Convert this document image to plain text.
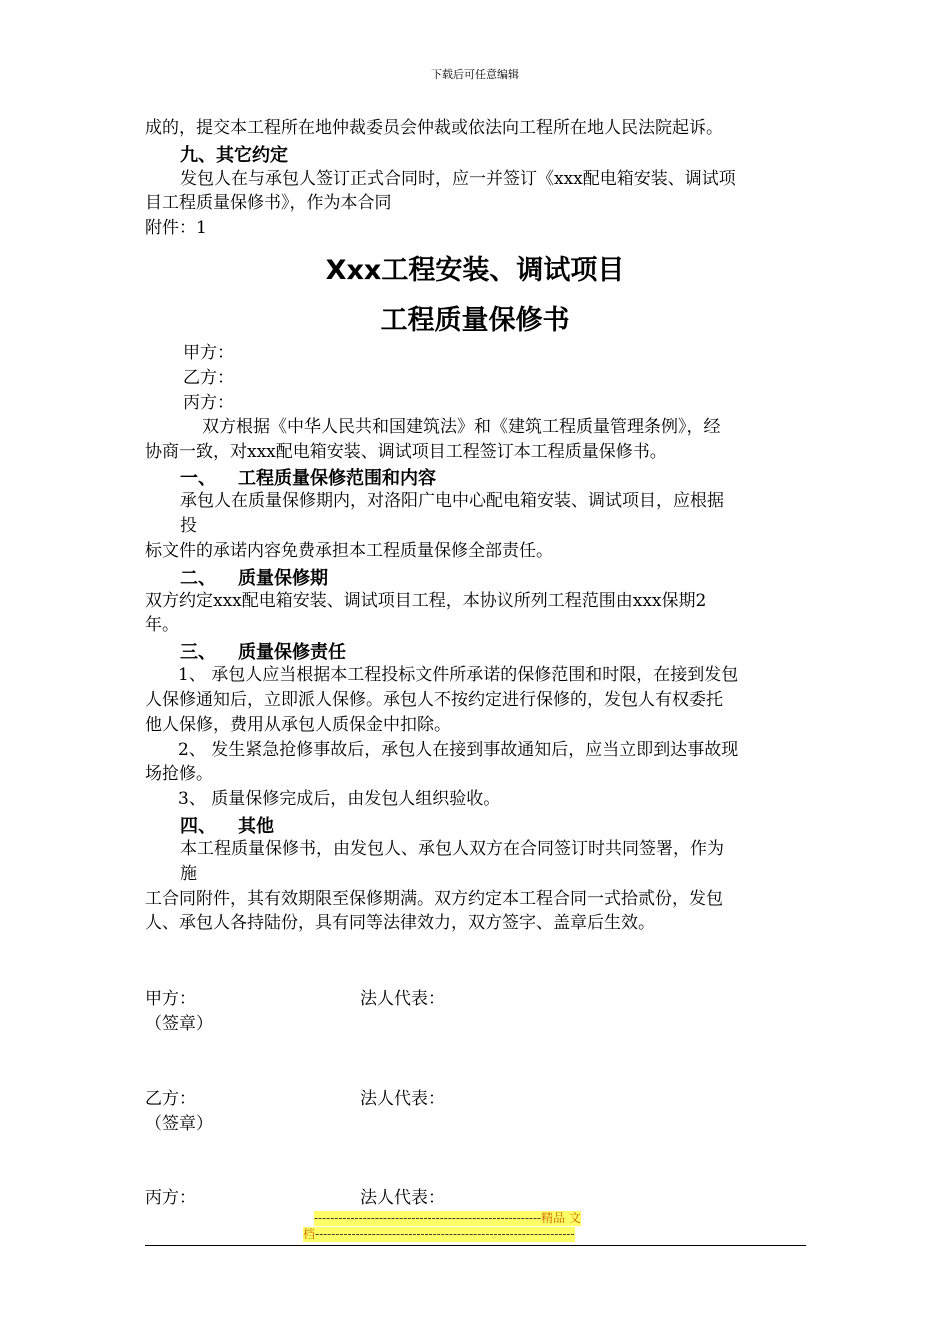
下载后可任意编辑
成的，提交本工程所在地仲裁委员会仲裁或依法向工程所在地人民法院起诉。
九、其它约定
发包人在与承包人签订正式合同时，应一并签订《xxx配电箱安装、调试项
目工程质量保修书》，作为本合同
附件：1
Xxx工程安装、调试项目
工程质量保修书
甲方：
乙方：
丙方：
双方根据《中华人民共和国建筑法》和《建筑工程质量管理条例》，经
协商一致，对xxx配电箱安装、调试项目工程签订本工程质量保修书。
一、 工程质量保修范围和内容
承包人在质量保修期内，对洛阳广电中心配电箱安装、调试项目，应根据
投
标文件的承诺内容免费承担本工程质量保修全部责任。
二、 质量保修期
双方约定xxx配电箱安装、调试项目工程，本协议所列工程范围由xxx保期2
年。
三、 质量保修责任
1、 承包人应当根据本工程投标文件所承诺的保修范围和时限，在接到发包
人保修通知后，立即派人保修。承包人不按约定进行保修的，发包人有权委托
他人保修，费用从承包人质保金中扣除。
2、 发生紧急抢修事故后，承包人在接到事故通知后，应当立即到达事故现
场抢修。
3、 质量保修完成后，由发包人组织验收。
四、 其他
本工程质量保修书，由发包人、承包人双方在合同签订时共同签署，作为
施
工合同附件，其有效期限至保修期满。双方约定本工程合同一式拾贰份，发包
人、承包人各持陆份，具有同等法律效力，双方签字、盖章后生效。
甲方：	法人代表：
（签章）
乙方：	法人代表：
（签章）
丙方：	法人代表：
--------------------------------------------------------精品 文
档----------------------------------------------------------------
